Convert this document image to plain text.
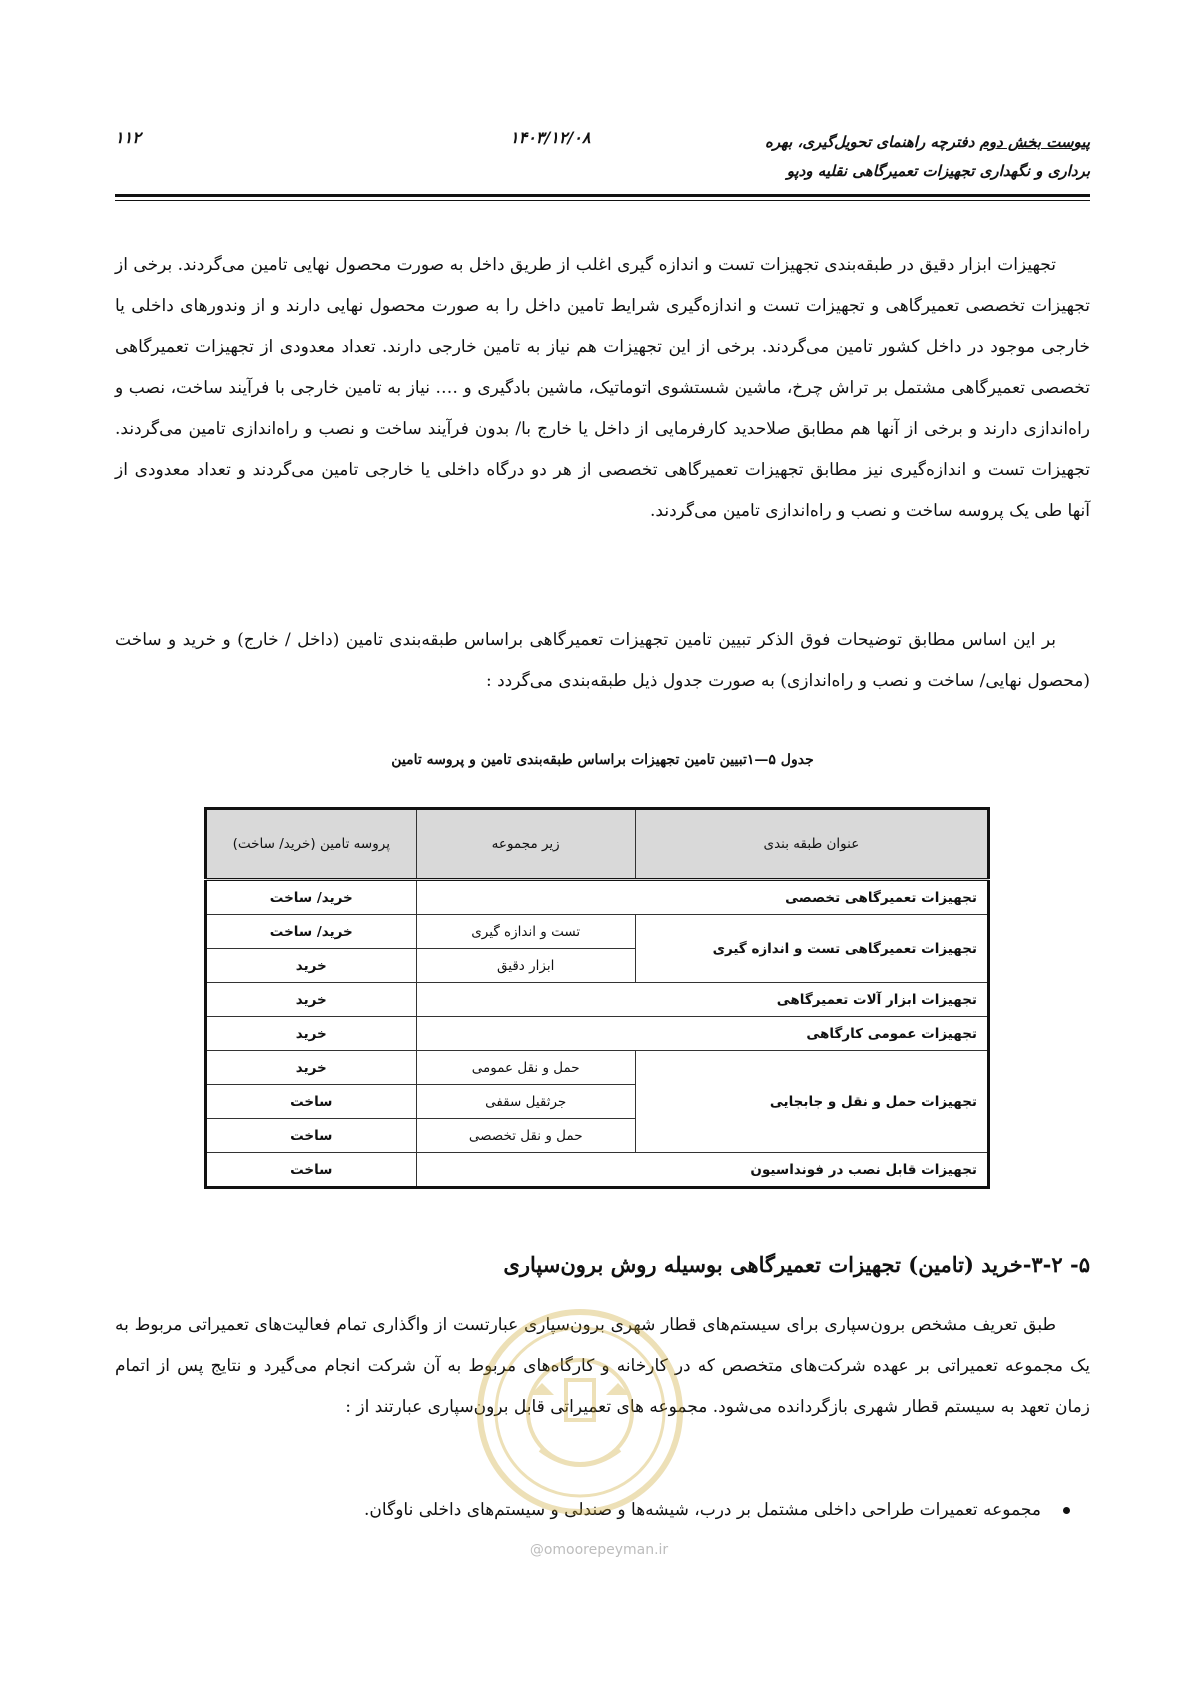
پیوست بخش دوم دفترچه راهنمای تحویل‌گیری، بهره
برداری و نگهداری تجهیزات تعمیرگاهی نقلیه ودپو
۱۴۰۳/۱۲/۰۸
۱۱۲

تجهیزات ابزار دقیق در طبقه‌بندی تجهیزات تست و اندازه گیری اغلب از طریق داخل به صورت محصول نهایی تامین می‌گردند. برخی از تجهیزات تخصصی تعمیرگاهی و تجهیزات تست و اندازه‌گیری شرایط تامین داخل را به صورت محصول نهایی دارند و از وندورهای داخلی یا خارجی موجود در داخل کشور تامین می‌گردند. برخی از این تجهیزات هم نیاز به تامین خارجی دارند. تعداد معدودی از تجهیزات تعمیرگاهی تخصصی تعمیرگاهی مشتمل بر تراش چرخ، ماشین شستشوی اتوماتیک، ماشین بادگیری و …. نیاز به تامین خارجی با فرآیند ساخت، نصب و راه‌اندازی دارند و برخی از آنها هم مطابق صلاحدید کارفرمایی از داخل یا خارج با/ بدون فرآیند ساخت و نصب و راه‌اندازی تامین می‌گردند. تجهیزات تست و اندازه‌گیری نیز مطابق تجهیزات تعمیرگاهی تخصصی از هر دو درگاه داخلی یا خارجی تامین می‌گردند و تعداد معدودی از آنها طی یک پروسه ساخت و نصب و راه‌اندازی تامین می‌گردند.

بر این اساس مطابق توضیحات فوق الذکر تبیین تامین تجهیزات تعمیرگاهی براساس طبقه‌بندی تامین (داخل / خارج) و خرید و ساخت (محصول نهایی/ ساخت و نصب و راه‌اندازی) به صورت جدول ذیل طبقه‌بندی می‌گردد :

جدول ۵—۱تبیین تامین تجهیزات براساس طبقه‌بندی تامین و پروسه تامین
عنوان طبقه بندی	زیر مجموعه	پروسه تامین (خرید/ ساخت)
تجهیزات تعمیرگاهی تخصصی		خرید/ ساخت
تجهیزات تعمیرگاهی تست و اندازه گیری	تست و اندازه گیری	خرید/ ساخت
	ابزار دقیق	خرید
تجهیزات ابزار آلات تعمیرگاهی		خرید
تجهیزات عمومی کارگاهی		خرید
تجهیزات حمل و نقل و جابجایی	حمل و نقل عمومی	خرید
	جرثقیل سقفی	ساخت
	حمل و نقل تخصصی	ساخت
تجهیزات قابل نصب در فونداسیون		ساخت
۵- ۳-۲-خرید (تامین) تجهیزات تعمیرگاهی بوسیله روش برون‌سپاری

طبق تعریف مشخص برون‌سپاری برای سیستم‌های قطار شهری برون‌سپاری عبارتست از واگذاری تمام فعالیت‌های تعمیراتی مربوط به یک مجموعه تعمیراتی بر عهده شرکت‌های متخصص که در کارخانه و کارگاه‌های مربوط به آن شرکت انجام می‌گیرد و نتایج پس از اتمام زمان تعهد به سیستم قطار شهری بازگردانده می‌شود. مجموعه های تعمیراتی قابل برون‌سپاری عبارتند از :

مجموعه تعمیرات طراحی داخلی مشتمل بر درب، شیشه‌ها و صندلی و سیستم‌های داخلی ناوگان.
@omoorepeyman.ir
